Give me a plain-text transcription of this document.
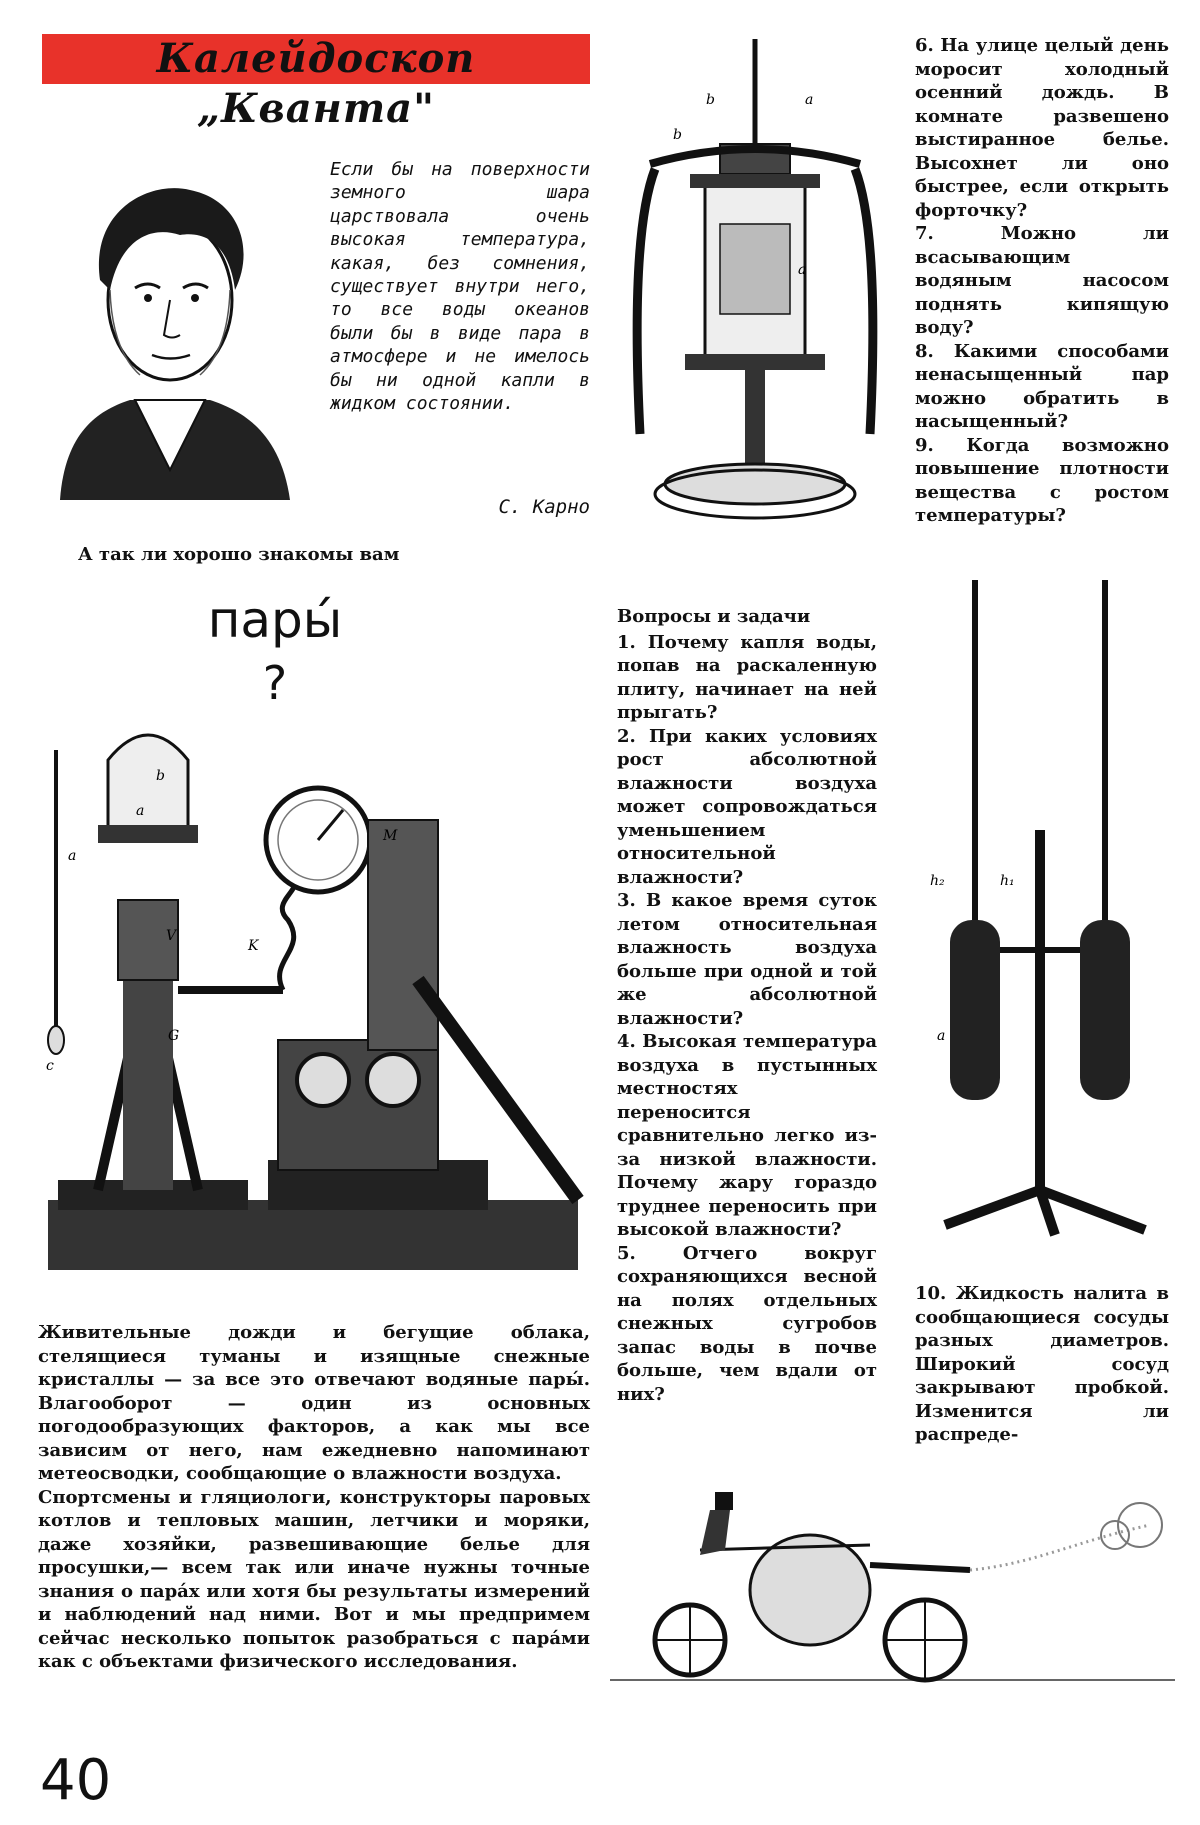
Калейдоскоп „Кванта"
Если бы на поверхности земного шара царствовала очень высокая температура, какая, без сомнения, существует внутри него, то все воды океанов были бы в виде пара в атмосфере и не имелось бы ни одной капли в жидком состоянии.
С. Карно
b	a
b
a

6. На улице целый день моросит холодный осенний дождь. В комнате развешено выстиранное белье. Высохнет ли оно быстрее, если открыть форточку?

7. Можно ли всасывающим водяным насосом поднять кипящую воду?

8. Какими способами ненасыщенный пар можно обратить в насыщенный?

9. Когда возможно повышение плотности вещества с ростом температуры?

А так ли хорошо знакомы вам
пары́
?
a
b
a
V
K
M
G
c

Вопросы и задачи

1. Почему капля воды, попав на раскаленную плиту, начинает на ней прыгать?

2. При каких условиях рост абсолютной влажности воздуха может сопровождаться уменьшением относительной влажности?

3. В какое время суток летом относительная влажность воздуха больше при одной и той же абсолютной влажности?

4. Высокая температура воздуха в пустынных местностях переносится сравнительно легко из-за низкой влажности. Почему жару гораздо труднее переносить при высокой влажности?

5. Отчего вокруг сохраняющихся весной на полях отдельных снежных сугробов запас воды в почве больше, чем вдали от них?

h₂	h₁
a
10. Жидкость налита в сообщающиеся сосуды разных диаметров. Широкий сосуд закрывают пробкой. Изменится ли распреде-

Живительные дожди и бегущие облака, стелящиеся туманы и изящные снежные кристаллы — за все это отвечают водяные пары́. Влагооборот — один из основных погодообразующих факторов, а как мы все зависим от него, нам ежедневно напоминают метеосводки, сообщающие о влажности воздуха.

Спортсмены и гляциологи, конструкторы паровых котлов и тепловых машин, летчики и моряки, даже хозяйки, развешивающие белье для просушки,— всем так или иначе нужны точные знания о пара́х или хотя бы результаты измерений и наблюдений над ними. Вот и мы предпримем сейчас несколько попыток разобраться с пара́ми как с объектами физического исследования.

40
